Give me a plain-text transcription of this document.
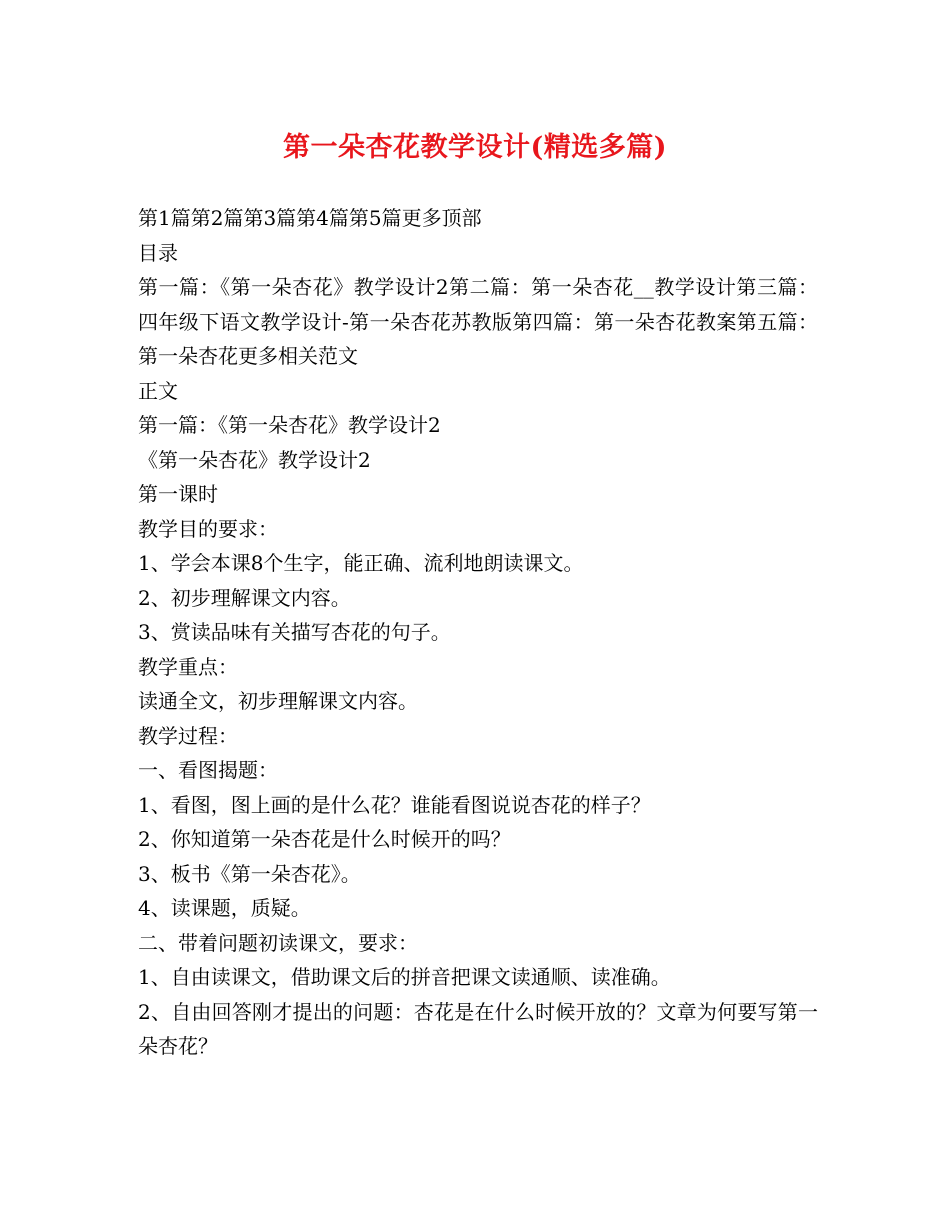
第一朵杏花教学设计(精选多篇)
第1篇第2篇第3篇第4篇第5篇更多顶部
目录
第一篇：《第一朵杏花》教学设计2第二篇：第一朵杏花__教学设计第三篇：四年级下语文教学设计-第一朵杏花苏教版第四篇：第一朵杏花教案第五篇：第一朵杏花更多相关范文
正文
第一篇：《第一朵杏花》教学设计2
《第一朵杏花》教学设计2
第一课时
教学目的要求：
1、学会本课8个生字，能正确、流利地朗读课文。
2、初步理解课文内容。
3、赏读品味有关描写杏花的句子。
教学重点：
读通全文，初步理解课文内容。
教学过程：
一、看图揭题：
1、看图，图上画的是什么花？谁能看图说说杏花的样子？
2、你知道第一朵杏花是什么时候开的吗？
3、板书《第一朵杏花》。
4、读课题，质疑。
二、带着问题初读课文，要求：
1、自由读课文，借助课文后的拼音把课文读通顺、读准确。
2、自由回答刚才提出的问题：杏花是在什么时候开放的？文章为何要写第一朵杏花？
